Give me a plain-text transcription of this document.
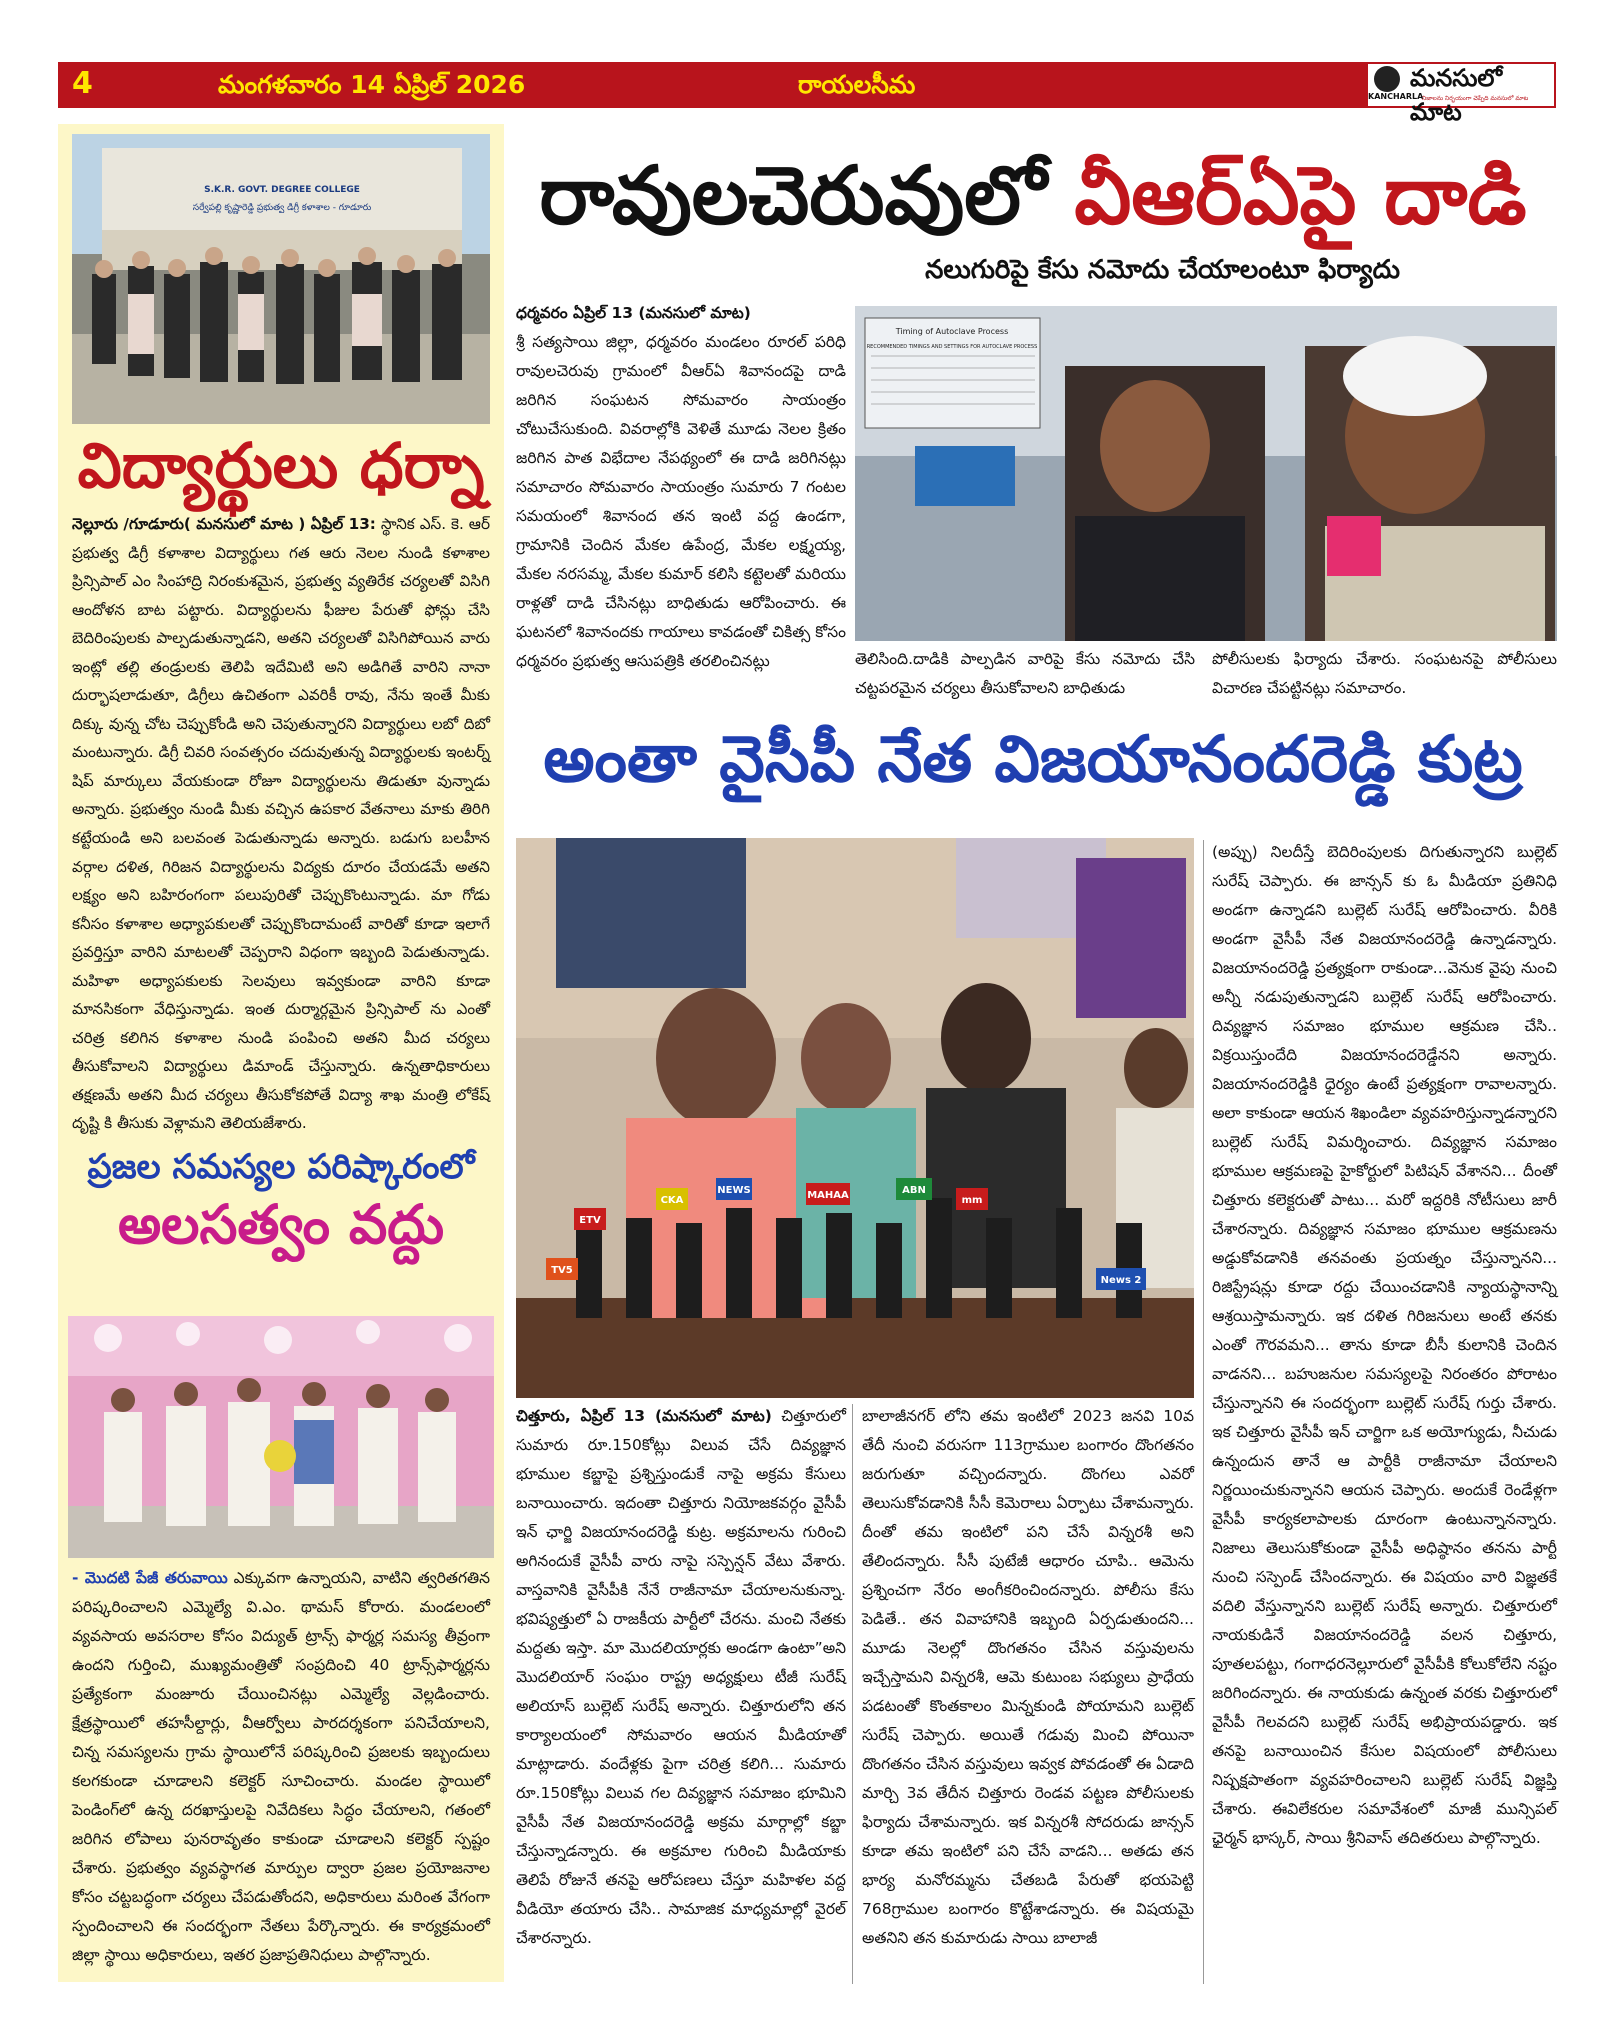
4	మంగళవారం 14 ఏప్రిల్ 2026	రాయలసీమ	మనసులో మాట
KANCHARLA
నిజాలను నిర్భయంగా చెప్పేది మనసులో మాట
S.K.R. GOVT. DEGREE COLLEGE
సర్వేపల్లి కృష్ణారెడ్డి ప్రభుత్వ డిగ్రీ కళాశాల - గూడూరు
విద్యార్థులు ధర్నా
నెల్లూరు /గూడూరు( మనసులో మాట ) ఏప్రిల్ 13: స్థానిక ఎస్. కె. ఆర్ ప్రభుత్వ డిగ్రీ కళాశాల విద్యార్థులు గత ఆరు నెలల నుండి కళాశాల ప్రిన్సిపాల్ ఎం సింహాద్రి నిరంకుశమైన, ప్రభుత్వ వ్యతిరేక చర్యలతో విసిగి ఆందోళన బాట పట్టారు. విద్యార్థులను ఫీజుల పేరుతో ఫోన్లు చేసి బెదిరింపులకు పాల్పడుతున్నాడని, అతని చర్యలతో విసిగిపోయిన వారు ఇంట్లో తల్లి తండ్రులకు తెలిపి ఇదేమిటి అని అడిగితే వారిని నానా దుర్భాషలాడుతూ, డిగ్రీలు ఉచితంగా ఎవరికీ రావు, నేను ఇంతే మీకు దిక్కు వున్న చోట చెప్పుకోండి అని చెపుతున్నారని విద్యార్థులు లబో దిబో మంటున్నారు. డిగ్రీ చివరి సంవత్సరం చదువుతున్న విద్యార్థులకు ఇంటర్న్ షిప్ మార్కులు వేయకుండా రోజూ విద్యార్థులను తిడుతూ వున్నాడు అన్నారు. ప్రభుత్వం నుండి మీకు వచ్చిన ఉపకార వేతనాలు మాకు తిరిగి కట్టేయండి అని బలవంత పెడుతున్నాడు అన్నారు. బడుగు బలహీన వర్గాల దళిత, గిరిజన విద్యార్థులను విద్యకు దూరం చేయడమే అతని లక్ష్యం అని బహిరంగంగా పలుపురితో చెప్పుకొంటున్నాడు. మా గోడు కనీసం కళాశాల అధ్యాపకులతో చెప్పుకొందామంటే వారితో కూడా ఇలాగే ప్రవర్తిస్తూ వారిని మాటలతో చెప్పరాని విధంగా ఇబ్బంది పెడుతున్నాడు. మహిళా అధ్యాపకులకు సెలవులు ఇవ్వకుండా వారిని కూడా మానసికంగా వేధిస్తున్నాడు. ఇంత దుర్మార్గమైన ప్రిన్సిపాల్ ను ఎంతో చరిత్ర కలిగిన కళాశాల నుండి పంపించి అతని మీద చర్యలు తీసుకోవాలని విద్యార్థులు డిమాండ్ చేస్తున్నారు. ఉన్నతాధికారులు తక్షణమే అతని మీద చర్యలు తీసుకోకపోతే విద్యా శాఖ మంత్రి లోకేష్ దృష్టి కి తీసుకు వెళ్లామని తెలియజేశారు.
ప్రజల సమస్యల పరిష్కారంలో
అలసత్వం వద్దు
- మొదటి పేజీ తరువాయి ఎక్కువగా ఉన్నాయని, వాటిని త్వరితగతిన పరిష్కరించాలని ఎమ్మెల్యే వి.ఎం. థామస్ కోరారు. మండలంలో వ్యవసాయ అవసరాల కోసం విద్యుత్ ట్రాన్స్ ఫార్మర్ల సమస్య తీవ్రంగా ఉందని గుర్తించి, ముఖ్యమంత్రితో సంప్రదించి 40 ట్రాన్స్‌ఫార్మర్లను ప్రత్యేకంగా మంజూరు చేయించినట్లు ఎమ్మెల్యే వెల్లడించారు. క్షేత్రస్థాయిలో తహసీల్దార్లు, వీఆర్వోలు పారదర్శకంగా పనిచేయాలని, చిన్న సమస్యలను గ్రామ స్థాయిలోనే పరిష్కరించి ప్రజలకు ఇబ్బందులు కలగకుండా చూడాలని కలెక్టర్ సూచించారు. మండల స్థాయిలో పెండింగ్‌లో ఉన్న దరఖాస్తులపై నివేదికలు సిద్ధం చేయాలని, గతంలో జరిగిన లోపాలు పునరావృతం కాకుండా చూడాలని కలెక్టర్ స్పష్టం చేశారు. ప్రభుత్వం వ్యవస్థాగత మార్పుల ద్వారా ప్రజల ప్రయోజనాల కోసం చట్టబద్ధంగా చర్యలు చేపడుతోందని, అధికారులు మరింత వేగంగా స్పందించాలని ఈ సందర్భంగా నేతలు పేర్కొన్నారు. ఈ కార్యక్రమంలో జిల్లా స్థాయి అధికారులు, ఇతర ప్రజాప్రతినిధులు పాల్గొన్నారు.
రావులచెరువులో వీఆర్ఏపై దాడి
నలుగురిపై కేసు నమోదు చేయాలంటూ ఫిర్యాదు
ధర్మవరం ఏప్రిల్ 13 (మనసులో మాట)
శ్రీ సత్యసాయి జిల్లా, ధర్మవరం మండలం రూరల్ పరిధి రావులచెరువు గ్రామంలో వీఆర్ఏ శివానందపై దాడి జరిగిన సంఘటన సోమవారం సాయంత్రం చోటుచేసుకుంది. వివరాల్లోకి వెళితే మూడు నెలల క్రితం జరిగిన పాత విభేదాల నేపథ్యంలో ఈ దాడి జరిగినట్లు సమాచారం సోమవారం సాయంత్రం సుమారు 7 గంటల సమయంలో శివానంద తన ఇంటి వద్ద ఉండగా, గ్రామానికి చెందిన మేకల ఉపేంద్ర, మేకల లక్ష్మయ్య, మేకల నరసమ్మ, మేకల కుమార్ కలిసి కట్టెలతో మరియు రాళ్లతో దాడి చేసినట్లు బాధితుడు ఆరోపించారు. ఈ ఘటనలో శివానందకు గాయాలు కావడంతో చికిత్స కోసం ధర్మవరం ప్రభుత్వ ఆసుపత్రికి తరలించినట్లు
Timing of Autoclave Process
RECOMMENDED TIMINGS AND SETTINGS FOR AUTOCLAVE PROCESS
తెలిసింది.దాడికి పాల్పడిన వారిపై కేసు నమోదు చేసి చట్టపరమైన చర్యలు తీసుకోవాలని బాధితుడు
పోలీసులకు ఫిర్యాదు చేశారు. సంఘటనపై పోలీసులు విచారణ చేపట్టినట్లు సమాచారం.
అంతా వైసీపీ నేత విజయానందరెడ్డి కుట్ర
ETV
CKA
NEWS	MAHAA	ABN
mm
TV5
News 2
చిత్తూరు, ఏప్రిల్ 13 (మనసులో మాట) చిత్తూరులో సుమారు రూ.150కోట్లు విలువ చేసే దివ్యజ్ఞాన భూముల కబ్జాపై ప్రశ్నిస్తుండుకే నాపై అక్రమ కేసులు బనాయించారు. ఇదంతా చిత్తూరు నియోజకవర్గం వైసీపీ ఇన్ ఛార్జి విజయానందరెడ్డి కుట్ర. అక్రమాలను గురించి అగినందుకే వైసీపీ వారు నాపై సస్పెన్షన్ వేటు వేశారు. వాస్తవానికి వైసీపీకి నేనే రాజీనామా చేయాలనుకున్నా. భవిష్యత్తులో ఏ రాజకీయ పార్టీలో చేరను. మంచి నేతకు మద్దతు ఇస్తా. మా మొదలియార్లకు అండగా ఉంటా”అని మొదలియార్ సంఘం రాష్ట్ర అధ్యక్షులు టీజీ సురేష్ అలియాస్ బుల్లెట్ సురేష్ అన్నారు. చిత్తూరులోని తన కార్యాలయంలో సోమవారం ఆయన మీడియాతో మాట్లాడారు. వందేళ్లకు పైగా చరిత్ర కలిగి... సుమారు రూ.150కోట్లు విలువ గల దివ్యజ్ఞాన సమాజం భూమిని వైసీపీ నేత విజయానందరెడ్డి అక్రమ మార్గాల్లో కబ్జా చేస్తున్నాడన్నారు. ఈ అక్రమాల గురించి మీడియాకు తెలిపే రోజునే తనపై ఆరోపణలు చేస్తూ మహిళల వద్ద వీడియో తయారు చేసి.. సామాజిక మాధ్యమాల్లో వైరల్ చేశారన్నారు.
బాలాజీనగర్ లోని తమ ఇంటిలో 2023 జనవి 10వ తేదీ నుంచి వరుసగా 113గ్రాముల బంగారం దొంగతనం జరుగుతూ వచ్చిందన్నారు. దొంగలు ఎవరో తెలుసుకోవడానికి సీసీ కెమెరాలు ఏర్పాటు చేశామన్నారు. దీంతో తమ ఇంటిలో పని చేసే విన్నరశీ అని తేలిందన్నారు. సీసీ పుటేజీ ఆధారం చూపి.. ఆమెను ప్రశ్నించగా నేరం అంగీకరించిందన్నారు. పోలీసు కేసు పెడితే.. తన వివాహానికి ఇబ్బంది ఏర్పడుతుందని... మూడు నెలల్లో దొంగతనం చేసిన వస్తువులను ఇచ్చేస్తామని విన్నరశీ, ఆమె కుటుంబ సభ్యులు ప్రాధేయ పడటంతో కొంతకాలం మిన్నకుండి పోయామని బుల్లెట్ సురేష్ చెప్పారు. అయితే గడువు మించి పోయినా దొంగతనం చేసిన వస్తువులు ఇవ్వక పోవడంతో ఈ ఏడాది మార్చి 3వ తేదీన చిత్తూరు రెండవ పట్టణ పోలీసులకు ఫిర్యాదు చేశామన్నారు. ఇక విన్నరశీ సోదరుడు జాన్సన్ కూడా తమ ఇంటిలో పని చేసే వాడని... అతడు తన భార్య మనోరమ్మను చేతబడి పేరుతో భయపెట్టి 768గ్రాముల బంగారం కొట్టేశాడన్నారు. ఈ విషయమై అతనిని తన కుమారుడు సాయి బాలాజీ
(అప్పు) నిలదీస్తే బెదిరింపులకు దిగుతున్నారని బుల్లెట్ సురేష్ చెప్పారు. ఈ జాన్సన్ కు ఓ మీడియా ప్రతినిధి అండగా ఉన్నాడని బుల్లెట్ సురేష్ ఆరోపించారు. వీరికి అండగా వైసీపీ నేత విజయానందరెడ్డి ఉన్నాడన్నారు. విజయానందరెడ్డి ప్రత్యక్షంగా రాకుండా...వెనుక వైపు నుంచి అన్నీ నడుపుతున్నాడని బుల్లెట్ సురేష్ ఆరోపించారు. దివ్యజ్ఞాన సమాజం భూముల ఆక్రమణ చేసి.. విక్రయిస్తుందేది విజయానందరెడ్డేనని అన్నారు. విజయానందరెడ్డికి ధైర్యం ఉంటే ప్రత్యక్షంగా రావాలన్నారు. అలా కాకుండా ఆయన శిఖండిలా వ్యవహరిస్తున్నాడన్నారని బుల్లెట్ సురేష్ విమర్శించారు. దివ్యజ్ఞాన సమాజం భూముల ఆక్రమణపై హైకోర్టులో పిటిషన్ వేశానని... దీంతో చిత్తూరు కలెక్టరుతో పాటు... మరో ఇద్దరికి నోటీసులు జారీ చేశారన్నారు. దివ్యజ్ఞాన సమాజం భూముల ఆక్రమణను అడ్డుకోవడానికి తనవంతు ప్రయత్నం చేస్తున్నానని... రిజిస్ట్రేషన్లు కూడా రద్దు చేయించడానికి న్యాయస్థానాన్ని ఆశ్రయిస్తామన్నారు. ఇక దళిత గిరిజనులు అంటే తనకు ఎంతో గౌరవమని... తాను కూడా బీసీ కులానికి చెందిన వాడనని... బహుజనుల సమస్యలపై నిరంతరం పోరాటం చేస్తున్నానని ఈ సందర్భంగా బుల్లెట్ సురేష్ గుర్తు చేశారు. ఇక చిత్తూరు వైసీపీ ఇన్ చార్జిగా ఒక అయోగ్యుడు, నీచుడు ఉన్నందున తానే ఆ పార్టీకి రాజీనామా చేయాలని నిర్ణయించుకున్నానని ఆయన చెప్పారు. అందుకే రెండేళ్లగా వైసీపీ కార్యకలాపాలకు దూరంగా ఉంటున్నానన్నారు. నిజాలు తెలుసుకోకుండా వైసీపీ అధిష్ఠానం తనను పార్టీ నుంచి సస్పెండ్ చేసిందన్నారు. ఈ విషయం వారి విజ్ఞతకే వదిలి వేస్తున్నానని బుల్లెట్ సురేష్ అన్నారు. చిత్తూరులో నాయకుడినే విజయానందరెడ్డి వలన చిత్తూరు, పూతలపట్టు, గంగాధరనెల్లూరులో వైసీపీకి కోలుకోలేని నష్టం జరిగిందన్నారు. ఈ నాయకుడు ఉన్నంత వరకు చిత్తూరులో వైసీపీ గెలవదని బుల్లెట్ సురేష్ అభిప్రాయపడ్డారు. ఇక తనపై బనాయించిన కేసుల విషయంలో పోలీసులు నిష్పక్షపాతంగా వ్యవహరించాలని బుల్లెట్ సురేష్ విజ్ఞప్తి చేశారు. ఈవిలేకరుల సమావేశంలో మాజీ మున్సిపల్ ఛైర్మన్ భాస్కర్, సాయి శ్రీనివాస్ తదితరులు పాల్గొన్నారు.
